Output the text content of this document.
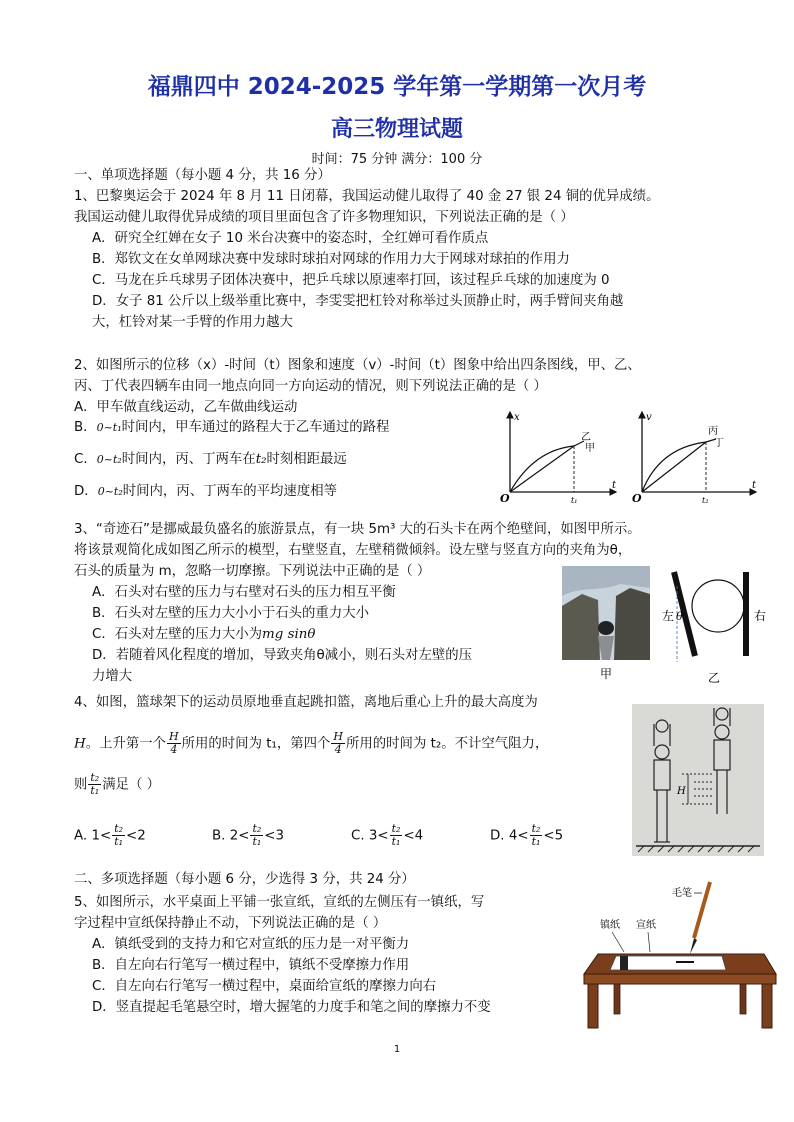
福鼎四中 2024-2025 学年第一学期第一次月考
高三物理试题
时间：75 分钟 满分：100 分
一、单项选择题（每小题 4 分，共 16 分）
1、巴黎奥运会于 2024 年 8 月 11 日闭幕，我国运动健儿取得了 40 金 27 银 24 铜的优异成绩。
我国运动健儿取得优异成绩的项目里面包含了许多物理知识，下列说法正确的是（ ）
A．研究全红婵在女子 10 米台决赛中的姿态时，全红婵可看作质点
B．郑钦文在女单网球决赛中发球时球拍对网球的作用力大于网球对球拍的作用力
C．马龙在乒乓球男子团体决赛中，把乒乓球以原速率打回，该过程乒乓球的加速度为 0
D．女子 81 公斤以上级举重比赛中，李雯雯把杠铃对称举过头顶静止时，两手臂间夹角越
大，杠铃对某一手臂的作用力越大
2、如图所示的位移（x）-时间（t）图象和速度（v）-时间（t）图象中给出四条图线，甲、乙、
丙、丁代表四辆车由同一地点向同一方向运动的情况，则下列说法正确的是（ ）
A．甲车做直线运动，乙车做曲线运动
B．0~t₁时间内，甲车通过的路程大于乙车通过的路程
C．0~t₂时间内，丙、丁两车在t₂时刻相距最远
D．0~t₂时间内，丙、丁两车的平均速度相等
x
t
O	t₁
乙
甲
v
t
O	t₂
丙
丁
3、“奇迹石”是挪威最负盛名的旅游景点，有一块 5m³ 大的石头卡在两个绝壁间，如图甲所示。
将该景观简化成如图乙所示的模型，右壁竖直，左壁稍微倾斜。设左壁与竖直方向的夹角为θ，
石头的质量为 m，忽略一切摩擦。下列说法中正确的是（ ）
A．石头对右壁的压力与右壁对石头的压力相互平衡
B．石头对左壁的压力大小小于石头的重力大小
C．石头对左壁的压力大小为mg sinθ
D．若随着风化程度的增加，导致夹角θ减小，则石头对左壁的压
力增大	甲
左 θ	右
乙
4、如图，篮球架下的运动员原地垂直起跳扣篮，离地后重心上升的最大高度为
H。上升第一个 $\frac{H}{4}$ 所用的时间为 t₁，第四个 $\frac{H}{4}$ 所用的时间为 t₂。不计空气阻力，
则 $\frac{\text{t₂}}{\text{t₁}}$ 满足（ ）
A. $1< \frac{\text{t₂}}{\text{t₁}} <2$	B. $2< \frac{\text{t₂}}{\text{t₁}} <3$	C. $3< \frac{\text{t₂}}{\text{t₁}} <4$	D. $4< \frac{\text{t₂}}{\text{t₁}} <5$
H
二、多项选择题（每小题 6 分，少选得 3 分，共 24 分）
5、如图所示，水平桌面上平铺一张宣纸，宣纸的左侧压有一镇纸，写
字过程中宣纸保持静止不动，下列说法正确的是（ ）
A．镇纸受到的支持力和它对宣纸的压力是一对平衡力
B．自左向右行笔写一横过程中，镇纸不受摩擦力作用
C．自左向右行笔写一横过程中，桌面给宣纸的摩擦力向右
D．竖直提起毛笔悬空时，增大握笔的力度手和笔之间的摩擦力不变
毛笔
镇纸 宣纸
1
